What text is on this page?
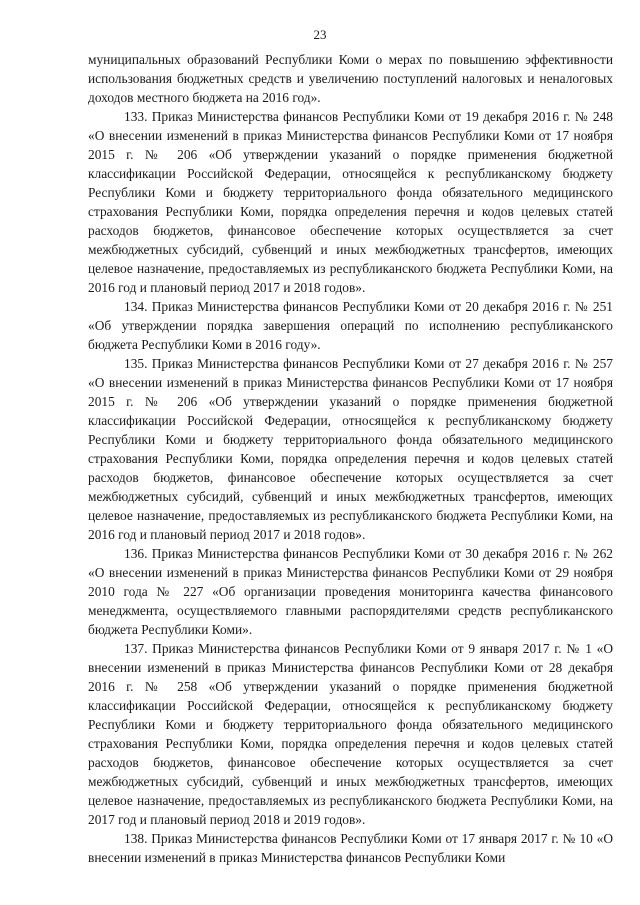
23

муниципальных образований Республики Коми о мерах по повышению эффективности использования бюджетных средств и увеличению поступлений налоговых и неналоговых доходов местного бюджета на 2016 год».

133. Приказ Министерства финансов Республики Коми от 19 декабря 2016 г. № 248 «О внесении изменений в приказ Министерства финансов Республики Коми от 17 ноября 2015 г. № 206 «Об утверждении указаний о порядке применения бюджетной классификации Российской Федерации, относящейся к республиканскому бюджету Республики Коми и бюджету территориального фонда обязательного медицинского страхования Республики Коми, порядка определения перечня и кодов целевых статей расходов бюджетов, финансовое обеспечение которых осуществляется за счет межбюджетных субсидий, субвенций и иных межбюджетных трансфертов, имеющих целевое назначение, предоставляемых из республиканского бюджета Республики Коми, на 2016 год и плановый период 2017 и 2018 годов».

134. Приказ Министерства финансов Республики Коми от 20 декабря 2016 г. № 251 «Об утверждении порядка завершения операций по исполнению республиканского бюджета Республики Коми в 2016 году».

135. Приказ Министерства финансов Республики Коми от 27 декабря 2016 г. № 257 «О внесении изменений в приказ Министерства финансов Республики Коми от 17 ноября 2015 г. № 206 «Об утверждении указаний о порядке применения бюджетной классификации Российской Федерации, относящейся к республиканскому бюджету Республики Коми и бюджету территориального фонда обязательного медицинского страхования Республики Коми, порядка определения перечня и кодов целевых статей расходов бюджетов, финансовое обеспечение которых осуществляется за счет межбюджетных субсидий, субвенций и иных межбюджетных трансфертов, имеющих целевое назначение, предоставляемых из республиканского бюджета Республики Коми, на 2016 год и плановый период 2017 и 2018 годов».

136. Приказ Министерства финансов Республики Коми от 30 декабря 2016 г. № 262 «О внесении изменений в приказ Министерства финансов Республики Коми от 29 ноября 2010 года № 227 «Об организации проведения мониторинга качества финансового менеджмента, осуществляемого главными распорядителями средств республиканского бюджета Республики Коми».

137. Приказ Министерства финансов Республики Коми от 9 января 2017 г. № 1 «О внесении изменений в приказ Министерства финансов Республики Коми от 28 декабря 2016 г. № 258 «Об утверждении указаний о порядке применения бюджетной классификации Российской Федерации, относящейся к республиканскому бюджету Республики Коми и бюджету территориального фонда обязательного медицинского страхования Республики Коми, порядка определения перечня и кодов целевых статей расходов бюджетов, финансовое обеспечение которых осуществляется за счет межбюджетных субсидий, субвенций и иных межбюджетных трансфертов, имеющих целевое назначение, предоставляемых из республиканского бюджета Республики Коми, на 2017 год и плановый период 2018 и 2019 годов».

138. Приказ Министерства финансов Республики Коми от 17 января 2017 г. № 10 «О внесении изменений в приказ Министерства финансов Республики Коми
